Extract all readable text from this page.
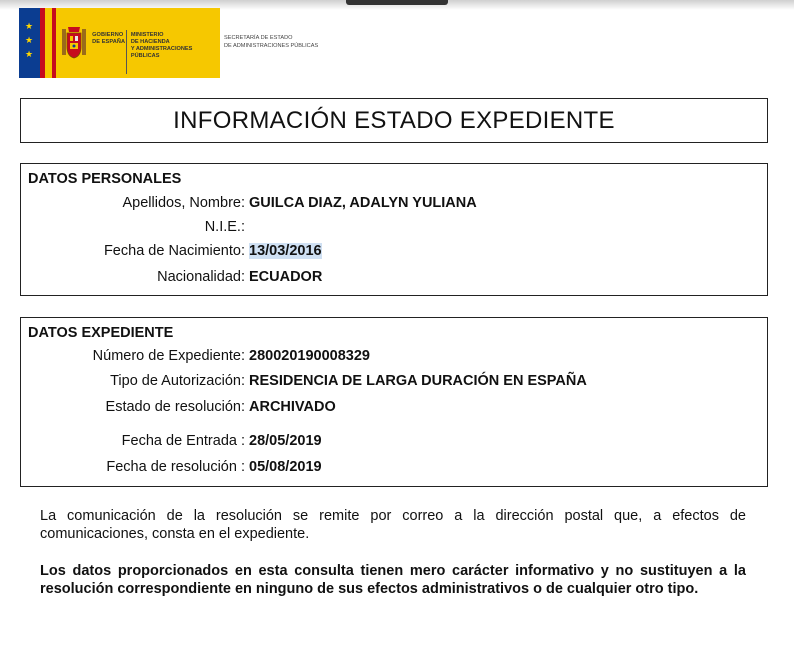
★
★
★
GOBIERNO
DE ESPAÑA
MINISTERIO
DE HACIENDA
Y ADMINISTRACIONES PÚBLICAS
SECRETARÍA DE ESTADO
DE ADMINISTRACIONES PÚBLICAS
INFORMACIÓN ESTADO EXPEDIENTE
DATOS PERSONALES
Apellidos, Nombre: GUILCA DIAZ, ADALYN YULIANA
N.I.E.:
Fecha de Nacimiento: 13/03/2016
Nacionalidad: ECUADOR
DATOS EXPEDIENTE
Número de Expediente: 280020190008329
Tipo de Autorización: RESIDENCIA DE LARGA DURACIÓN EN ESPAÑA
Estado de resolución: ARCHIVADO
Fecha de Entrada : 28/05/2019
Fecha de resolución : 05/08/2019
La comunicación de la resolución se remite por correo a la dirección postal que, a efectos de comunicaciones, consta en el expediente.
Los datos proporcionados en esta consulta tienen mero carácter informativo y no sustituyen a la resolución correspondiente en ninguno de sus efectos administrativos o de cualquier otro tipo.
